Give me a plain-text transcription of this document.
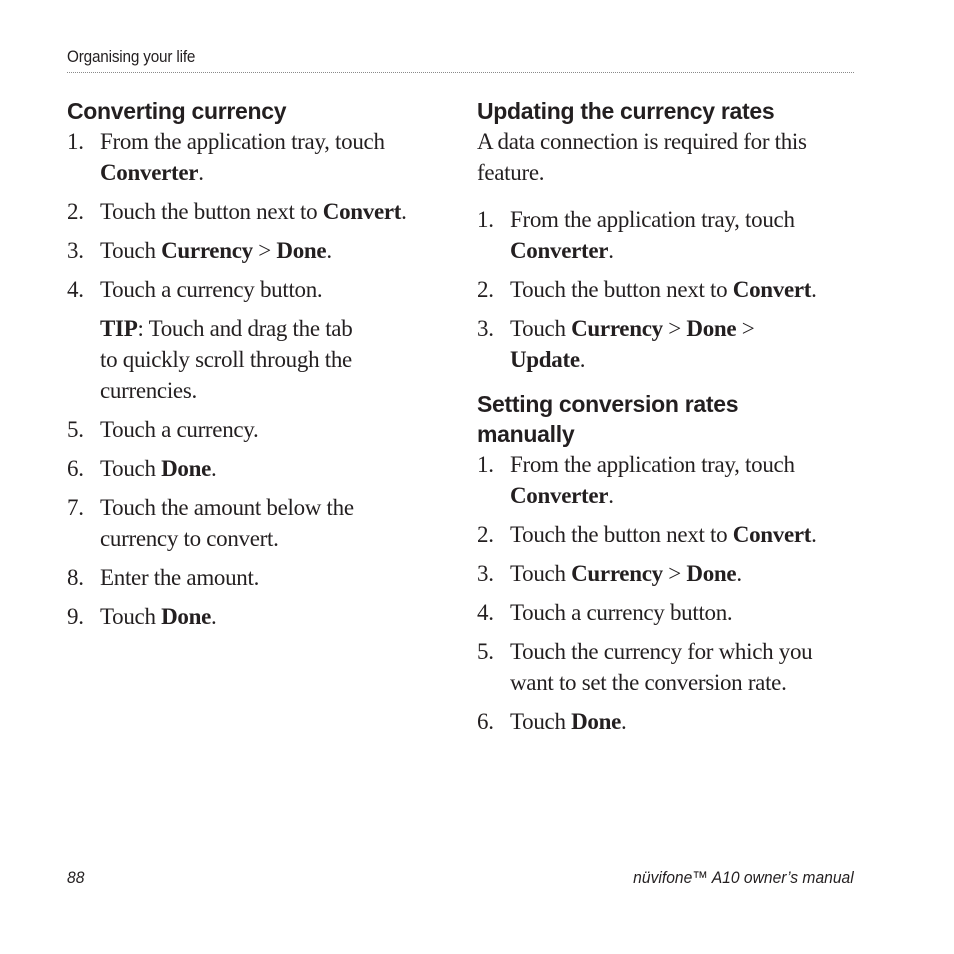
Organising your life
Converting currency
1. From the application tray, touch
Converter.
2. Touch the button next to Convert.
3. Touch Currency > Done.
4. Touch a currency button.
TIP: Touch and drag the tab
to quickly scroll through the
currencies.
5. Touch a currency.
6. Touch Done.
7. Touch the amount below the
currency to convert.
8. Enter the amount.
9. Touch Done.
Updating the currency rates

A data connection is required for this
feature.

1. From the application tray, touch
Converter.
2. Touch the button next to Convert.
3. Touch Currency > Done >
Update.
Setting conversion rates
manually
1. From the application tray, touch
Converter.
2. Touch the button next to Convert.
3. Touch Currency > Done.
4. Touch a currency button.
5. Touch the currency for which you
want to set the conversion rate.
6. Touch Done.
88	nüvifone™ A10 owner’s manual
